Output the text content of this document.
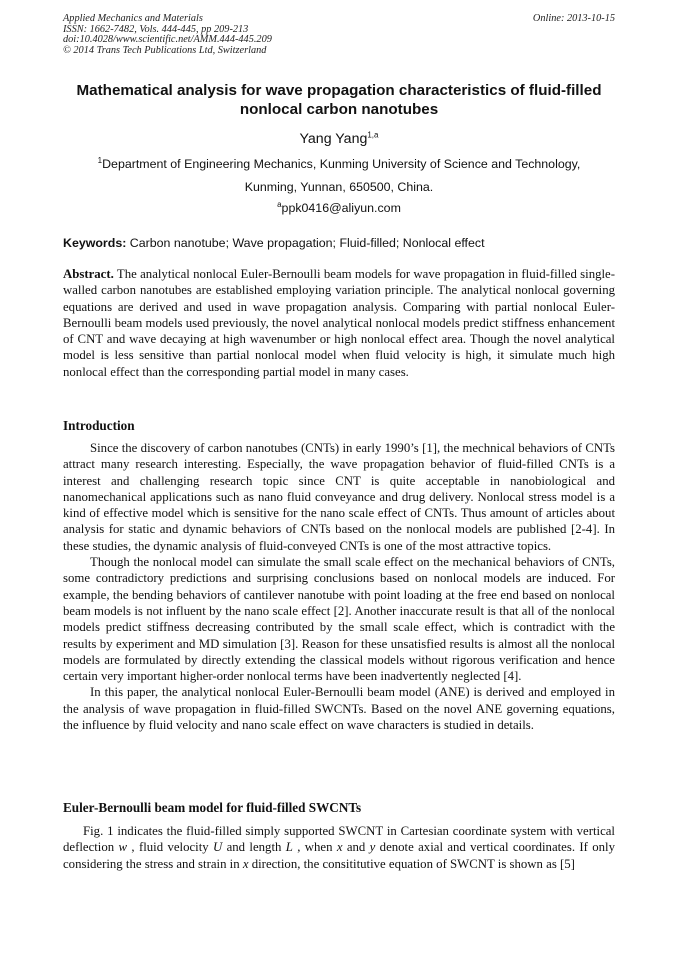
Applied Mechanics and Materials
ISSN: 1662-7482, Vols. 444-445, pp 209-213
doi:10.4028/www.scientific.net/AMM.444-445.209
© 2014 Trans Tech Publications Ltd, Switzerland
Online: 2013-10-15
Mathematical analysis for wave propagation characteristics of fluid-filled nonlocal carbon nanotubes
Yang Yang$^{1,a}$
$^1$Department of Engineering Mechanics, Kunming University of Science and Technology,
Kunming, Yunnan, 650500, China.
$^a$ppk0416@aliyun.com
Keywords: Carbon nanotube; Wave propagation; Fluid-filled; Nonlocal effect

Abstract. The analytical nonlocal Euler-Bernoulli beam models for wave propagation in fluid-filled single-walled carbon nanotubes are established employing variation principle. The analytical nonlocal governing equations are derived and used in wave propagation analysis. Comparing with partial nonlocal Euler-Bernoulli beam models used previously, the novel analytical nonlocal models predict stiffness enhancement of CNT and wave decaying at high wavenumber or high nonlocal effect area. Though the novel analytical model is less sensitive than partial nonlocal model when fluid velocity is high, it simulate much high nonlocal effect than the corresponding partial model in many cases.

Introduction

Since the discovery of carbon nanotubes (CNTs) in early 1990’s [1], the mechnical behaviors of CNTs attract many research interesting. Especially, the wave propagation behavior of fluid-filled CNTs is a interest and challenging research topic since CNT is quite acceptable in nanobiological and nanomechanical applications such as nano fluid conveyance and drug delivery. Nonlocal stress model is a kind of effective model which is sensitive for the nano scale effect of CNTs. Thus amount of articles about analysis for static and dynamic behaviors of CNTs based on the nonlocal models are published [2-4]. In these studies, the dynamic analysis of fluid-conveyed CNTs is one of the most attractive topics.

Though the nonlocal model can simulate the small scale effect on the mechanical behaviors of CNTs, some contradictory predictions and surprising conclusions based on nonlocal models are induced. For example, the bending behaviors of cantilever nanotube with point loading at the free end based on nonlocal beam models is not influent by the nano scale effect [2]. Another inaccurate result is that all of the nonlocal models predict stiffness decreasing contributed by the small scale effect, which is contradict with the results by experiment and MD simulation [3]. Reason for these unsatisfied results is almost all the nonlocal models are formulated by directly extending the classical models without rigorous verification and hence certain very important higher-order nonlocal terms have been inadvertently neglected [4].

In this paper, the analytical nonlocal Euler-Bernoulli beam model (ANE) is derived and employed in the analysis of wave propagation in fluid-filled SWCNTs. Based on the novel ANE governing equations, the influence by fluid velocity and nano scale effect on wave characters is studied in details.

Euler-Bernoulli beam model for fluid-filled SWCNTs

Fig. 1 indicates the fluid-filled simply supported SWCNT in Cartesian coordinate system with vertical deflection w , fluid velocity U and length L , when x and y denote axial and vertical coordinates. If only considering the stress and strain in x direction, the consititutive equation of SWCNT is shown as [5]
